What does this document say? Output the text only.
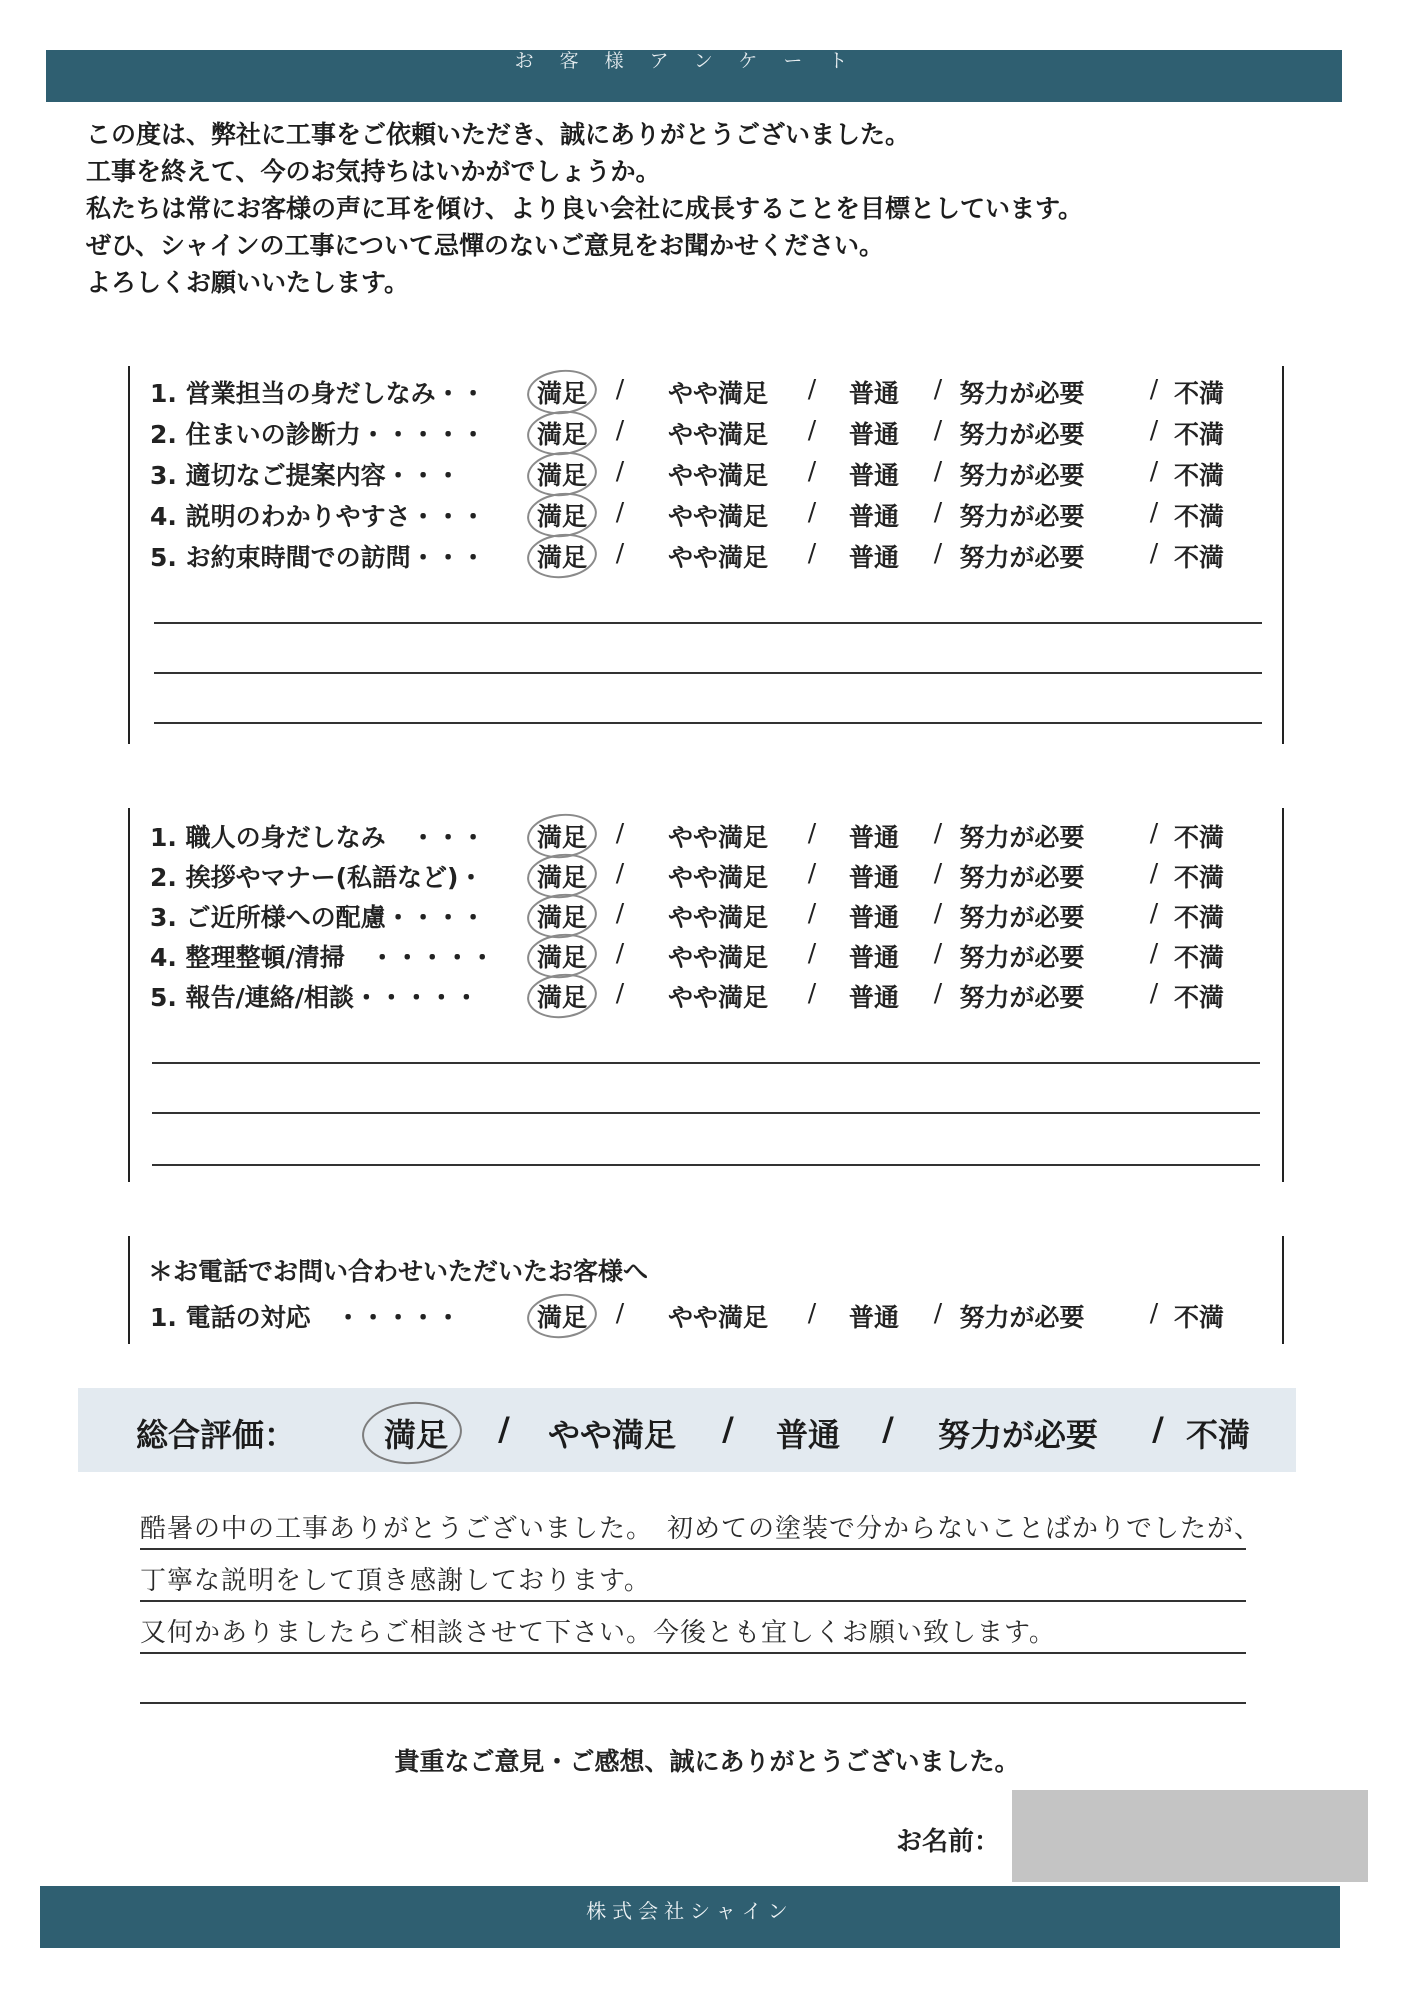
お客様アンケート
この度は、弊社に工事をご依頼いただき、誠にありがとうございました。
工事を終えて、今のお気持ちはいかがでしょうか。
私たちは常にお客様の声に耳を傾け、より良い会社に成長することを目標としています。
ぜひ、シャインの工事について忌憚のないご意見をお聞かせください。
よろしくお願いいたします。
1. 営業担当の身だしなみ・・ 満足 / やや満足 / 普通 / 努力が必要	/ 不満
2. 住まいの診断力・・・・・ 満足 / やや満足 / 普通 / 努力が必要	/ 不満
3. 適切なご提案内容・・・	満足 / やや満足 / 普通 / 努力が必要	/ 不満
4. 説明のわかりやすさ・・・ 満足 / やや満足 / 普通 / 努力が必要	/ 不満
5. お約束時間での訪問・・・ 満足 / やや満足 / 普通 / 努力が必要	/ 不満
1. 職人の身だしなみ　・・・ 満足 / やや満足 / 普通 / 努力が必要	/ 不満
2. 挨拶やマナー(私語など)・ 満足 / やや満足 / 普通 / 努力が必要	/ 不満
3. ご近所様への配慮・・・・ 満足 / やや満足 / 普通 / 努力が必要	/ 不満
4. 整理整頓/清掃　・・・・・ 満足 / やや満足 / 普通 / 努力が必要	/ 不満
5. 報告/連絡/相談・・・・・ 満足 / やや満足 / 普通 / 努力が必要	/ 不満
＊お電話でお問い合わせいただいたお客様へ
1. 電話の対応　・・・・・	満足 / やや満足 / 普通 / 努力が必要	/ 不満
総合評価：	満足 / やや満足 / 普通 / 努力が必要 / 不満
酷暑の中の工事ありがとうございました。　初めての塗装で分からないことばかりでしたが、
丁寧な説明をして頂き感謝しております。
又何かありましたらご相談させて下さい。今後とも宜しくお願い致します。
貴重なご意見・ご感想、誠にありがとうございました。
お名前：
株式会社シャイン
